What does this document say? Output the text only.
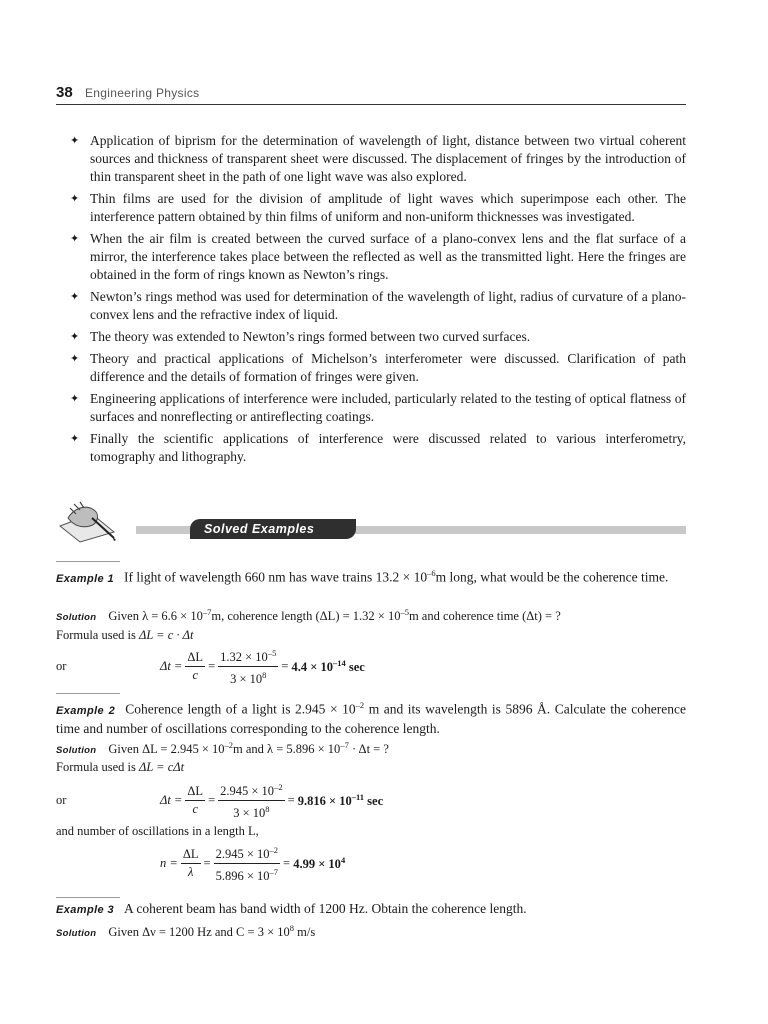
38 Engineering Physics
✦ Application of biprism for the determination of wavelength of light, distance between two virtual coherent sources and thickness of transparent sheet were discussed. The displacement of fringes by the introduction of thin transparent sheet in the path of one light wave was also explored.
✦ Thin films are used for the division of amplitude of light waves which superimpose each other. The interference pattern obtained by thin films of uniform and non-uniform thicknesses was investigated.
✦ When the air film is created between the curved surface of a plano-convex lens and the flat surface of a mirror, the interference takes place between the reflected as well as the transmitted light. Here the fringes are obtained in the form of rings known as Newton’s rings.
✦ Newton’s rings method was used for determination of the wavelength of light, radius of curvature of a plano-convex lens and the refractive index of liquid.
✦ The theory was extended to Newton’s rings formed between two curved surfaces.
✦ Theory and practical applications of Michelson’s interferometer were discussed. Clarification of path difference and the details of formation of fringes were given.
✦ Engineering applications of interference were included, particularly related to the testing of optical flatness of surfaces and nonreflecting or antireflecting coatings.
✦ Finally the scientific applications of interference were discussed related to various interferometry, tomography and lithography.
Solved Examples
Example 1 If light of wavelength 660 nm has wave trains $13.2 \times 10^{-6}m$ long, what would be the coherence time.
Solution Given $\lambda = 6.6 \times 10^{-7}m$, coherence length $(\Delta L) = 1.32 \times 10^{-5}m$ and coherence time (Δt) = ?
Formula used is ΔL = c · Δt
or	$\Delta t = \frac{\Delta L}{c} = \frac{1.32 \times 10^{-5}}{3 \times 10^8} = 4.4 \times 10^{-14}$ sec
Example 2 Coherence length of a light is $2.945 \times 10^{-2}$ m and its wavelength is 5896 Å. Calculate the coherence time and number of oscillations corresponding to the coherence length.
Solution Given $\Delta L = 2.945 \times 10^{-2}m$ and $\lambda = 5.896 \times 10^{-7} \cdot \Delta t$ = ?
Formula used is ΔL = cΔt
or	$\Delta t = \frac{\Delta L}{c} = \frac{2.945 \times 10^{-2}}{3 \times 10^8} = 9.816 \times 10^{-11}$ sec
and number of oscillations in a length L,
$n = \frac{\Delta L}{\lambda} = \frac{2.945 \times 10^{-2}}{5.896 \times 10^{-7}} = 4.99 \times 10^4$
Example 3 A coherent beam has band width of 1200 Hz. Obtain the coherence length.
Solution Given Δν = 1200 Hz and $C = 3 \times 10^8$ m/s
